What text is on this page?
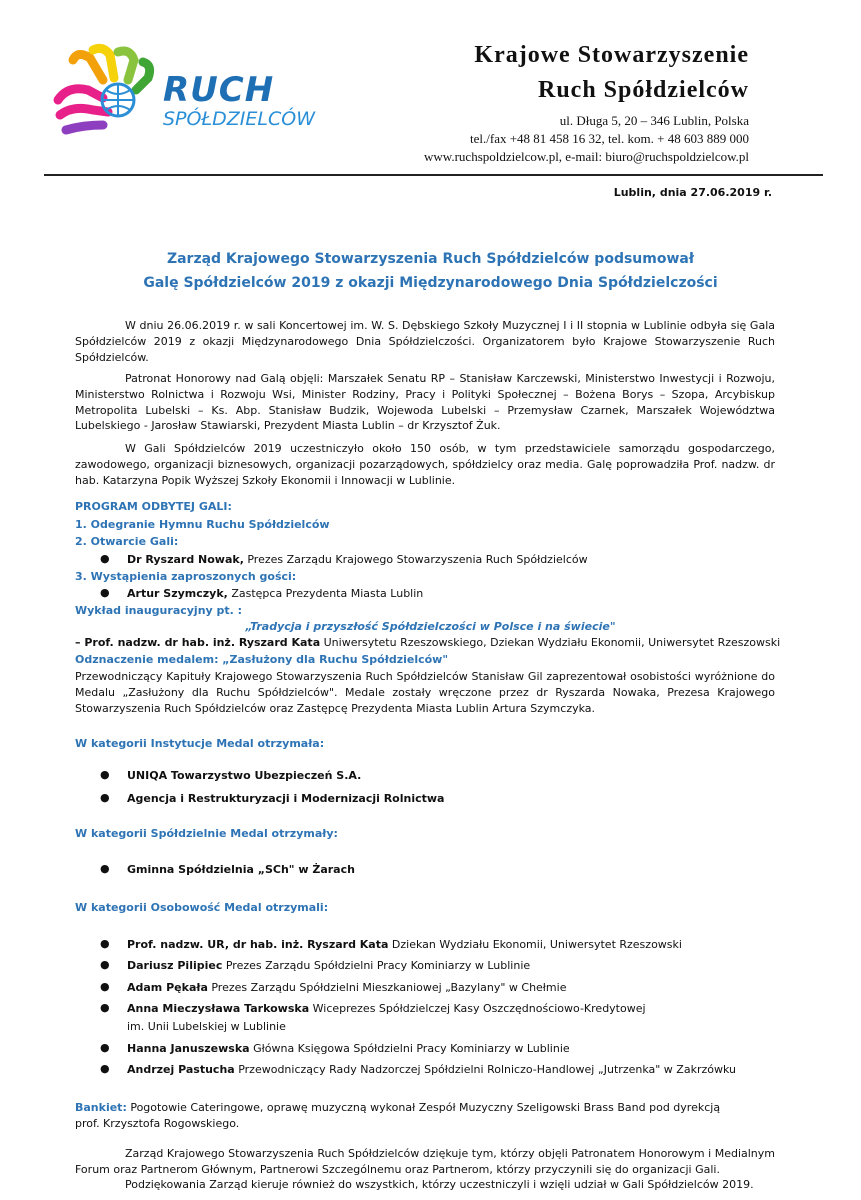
RUCH
SPÓŁDZIELCÓW
Krajowe Stowarzyszenie
Ruch Spółdzielców
ul. Długa 5, 20 – 346 Lublin, Polska
tel./fax +48 81 458 16 32, tel. kom. + 48 603 889 000
www.ruchspoldzielcow.pl, e-mail: biuro@ruchspoldzielcow.pl
Lublin, dnia 27.06.2019 r.
Zarząd Krajowego Stowarzyszenia Ruch Spółdzielców podsumował
Galę Spółdzielców 2019 z okazji Międzynarodowego Dnia Spółdzielczości
W dniu 26.06.2019 r. w sali Koncertowej im. W. S. Dębskiego Szkoły Muzycznej I i II stopnia w Lublinie odbyła się Gala Spółdzielców 2019 z okazji Międzynarodowego Dnia Spółdzielczości. Organizatorem było Krajowe Stowarzyszenie Ruch Spółdzielców.
Patronat Honorowy nad Galą objęli: Marszałek Senatu RP – Stanisław Karczewski, Ministerstwo Inwestycji i Rozwoju, Ministerstwo Rolnictwa i Rozwoju Wsi, Minister Rodziny, Pracy i Polityki Społecznej – Bożena Borys – Szopa, Arcybiskup Metropolita Lubelski – Ks. Abp. Stanisław Budzik, Wojewoda Lubelski – Przemysław Czarnek, Marszałek Województwa Lubelskiego - Jarosław Stawiarski, Prezydent Miasta Lublin – dr Krzysztof Żuk.
W Gali Spółdzielców 2019 uczestniczyło około 150 osób, w tym przedstawiciele samorządu gospodarczego, zawodowego, organizacji biznesowych, organizacji pozarządowych, spółdzielcy oraz media. Galę poprowadziła Prof. nadzw. dr hab. Katarzyna Popik Wyższej Szkoły Ekonomii i Innowacji w Lublinie.
PROGRAM ODBYTEJ GALI:
1. Odegranie Hymnu Ruchu Spółdzielców
2. Otwarcie Gali:
● Dr Ryszard Nowak, Prezes Zarządu Krajowego Stowarzyszenia Ruch Spółdzielców
3. Wystąpienia zaproszonych gości:
● Artur Szymczyk, Zastępca Prezydenta Miasta Lublin
Wykład inauguracyjny pt. :
„Tradycja i przyszłość Spółdzielczości w Polsce i na świecie"
– Prof. nadzw. dr hab. inż. Ryszard Kata Uniwersytetu Rzeszowskiego, Dziekan Wydziału Ekonomii, Uniwersytet Rzeszowski
Odznaczenie medalem: „Zasłużony dla Ruchu Spółdzielców"
Przewodniczący Kapituły Krajowego Stowarzyszenia Ruch Spółdzielców Stanisław Gil zaprezentował osobistości wyróżnione do Medalu „Zasłużony dla Ruchu Spółdzielców". Medale zostały wręczone przez dr Ryszarda Nowaka, Prezesa Krajowego Stowarzyszenia Ruch Spółdzielców oraz Zastępcę Prezydenta Miasta Lublin Artura Szymczyka.
W kategorii Instytucje Medal otrzymała:
● UNIQA Towarzystwo Ubezpieczeń S.A.
● Agencja i Restrukturyzacji i Modernizacji Rolnictwa
W kategorii Spółdzielnie Medal otrzymały:
● Gminna Spółdzielnia „SCh" w Żarach
W kategorii Osobowość Medal otrzymali:
● Prof. nadzw. UR, dr hab. inż. Ryszard Kata Dziekan Wydziału Ekonomii, Uniwersytet Rzeszowski
● Dariusz Pilipiec Prezes Zarządu Spółdzielni Pracy Kominiarzy w Lublinie
● Adam Pękała Prezes Zarządu Spółdzielni Mieszkaniowej „Bazylany" w Chełmie
● Anna Mieczysława Tarkowska Wiceprezes Spółdzielczej Kasy Oszczędnościowo-Kredytowej
im. Unii Lubelskiej w Lublinie
● Hanna Januszewska Główna Księgowa Spółdzielni Pracy Kominiarzy w Lublinie
● Andrzej Pastucha Przewodniczący Rady Nadzorczej Spółdzielni Rolniczo-Handlowej „Jutrzenka" w Zakrzówku
Bankiet: Pogotowie Cateringowe, oprawę muzyczną wykonał Zespół Muzyczny Szeligowski Brass Band pod dyrekcją
prof. Krzysztofa Rogowskiego.
Zarząd Krajowego Stowarzyszenia Ruch Spółdzielców dziękuje tym, którzy objęli Patronatem Honorowym i Medialnym Forum oraz Partnerom Głównym, Partnerowi Szczególnemu oraz Partnerom, którzy przyczynili się do organizacji Gali.
Podziękowania Zarząd kieruje również do wszystkich, którzy uczestniczyli i wzięli udział w Gali Spółdzielców 2019.
